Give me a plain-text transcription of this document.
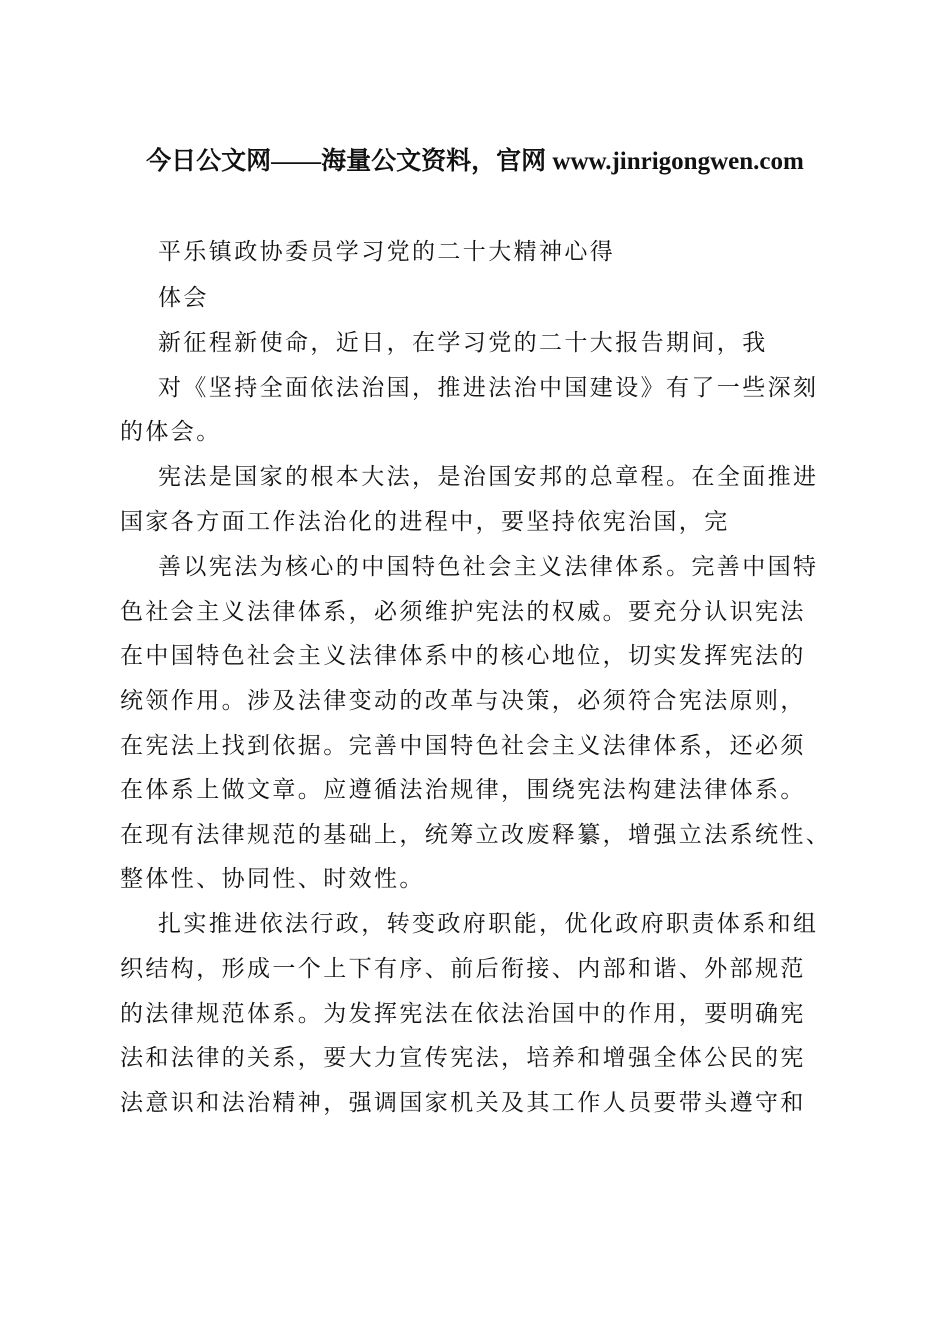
今日公文网——海量公文资料，官网 www.jinrigongwen.com
平乐镇政协委员学习党的二十大精神心得
体会
新征程新使命，近日，在学习党的二十大报告期间，我
对《坚持全面依法治国，推进法治中国建设》有了一些深刻
的体会。
宪法是国家的根本大法，是治国安邦的总章程。在全面推进
国家各方面工作法治化的进程中，要坚持依宪治国，完
善以宪法为核心的中国特色社会主义法律体系。完善中国特
色社会主义法律体系，必须维护宪法的权威。要充分认识宪法
在中国特色社会主义法律体系中的核心地位，切实发挥宪法的
统领作用。涉及法律变动的改革与决策，必须符合宪法原则，
在宪法上找到依据。完善中国特色社会主义法律体系，还必须
在体系上做文章。应遵循法治规律，围绕宪法构建法律体系。
在现有法律规范的基础上，统筹立改废释纂，增强立法系统性、
整体性、协同性、时效性。
扎实推进依法行政，转变政府职能，优化政府职责体系和组
织结构，形成一个上下有序、前后衔接、内部和谐、外部规范
的法律规范体系。为发挥宪法在依法治国中的作用，要明确宪
法和法律的关系，要大力宣传宪法，培养和增强全体公民的宪
法意识和法治精神，强调国家机关及其工作人员要带头遵守和
